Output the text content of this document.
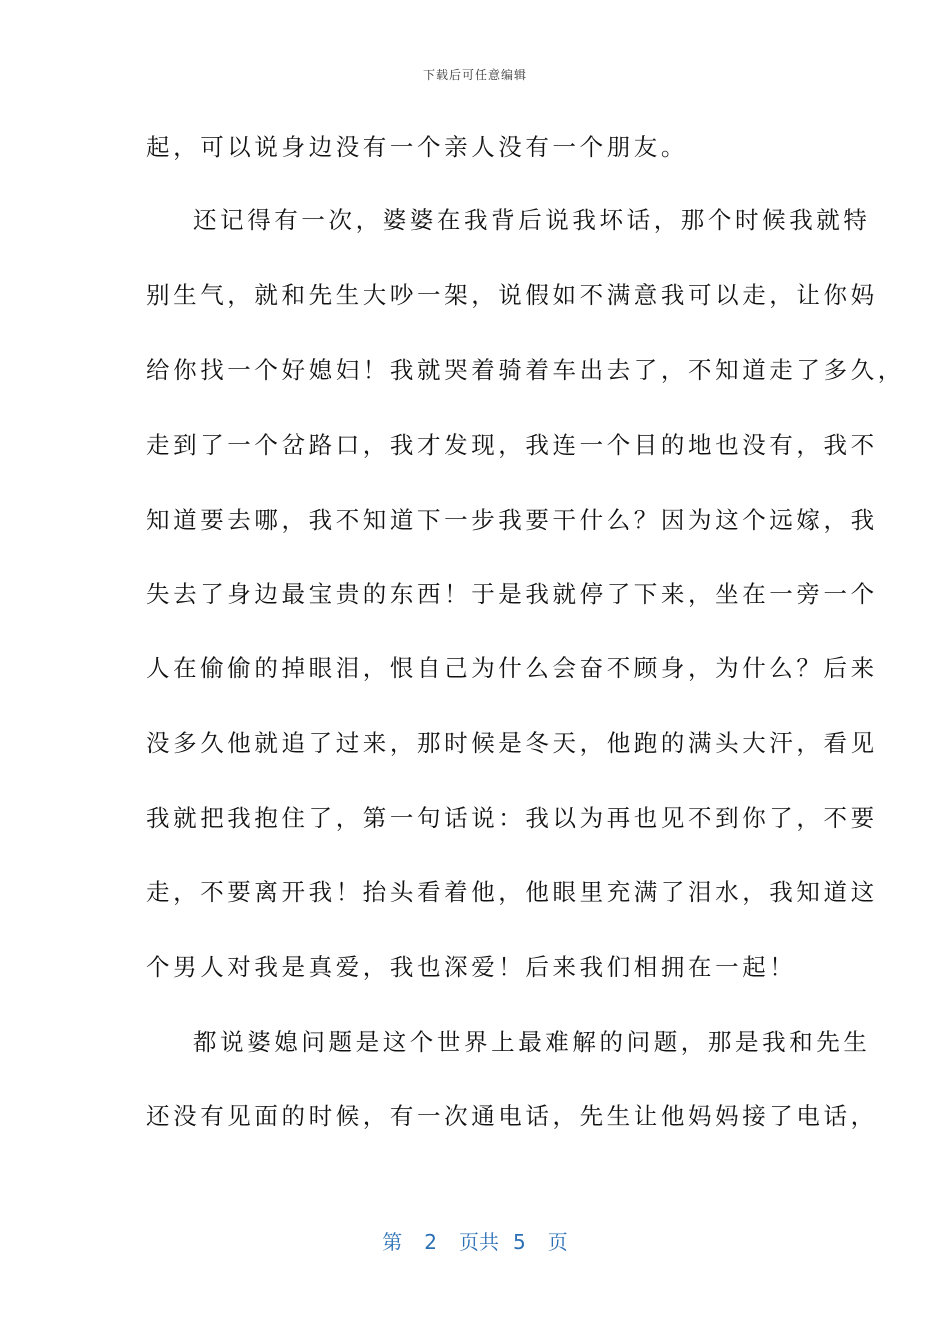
下载后可任意编辑
起，可以说身边没有一个亲人没有一个朋友。
还记得有一次，婆婆在我背后说我坏话，那个时候我就特
别生气，就和先生大吵一架，说假如不满意我可以走，让你妈
给你找一个好媳妇！我就哭着骑着车出去了，不知道走了多久，
走到了一个岔路口，我才发现，我连一个目的地也没有，我不
知道要去哪，我不知道下一步我要干什么？因为这个远嫁，我
失去了身边最宝贵的东西！于是我就停了下来，坐在一旁一个
人在偷偷的掉眼泪，恨自己为什么会奋不顾身，为什么？后来
没多久他就追了过来，那时候是冬天，他跑的满头大汗，看见
我就把我抱住了，第一句话说：我以为再也见不到你了，不要
走，不要离开我！抬头看着他，他眼里充满了泪水，我知道这
个男人对我是真爱，我也深爱！后来我们相拥在一起！
都说婆媳问题是这个世界上最难解的问题，那是我和先生
还没有见面的时候，有一次通电话，先生让他妈妈接了电话，
第 2 页共 5 页
